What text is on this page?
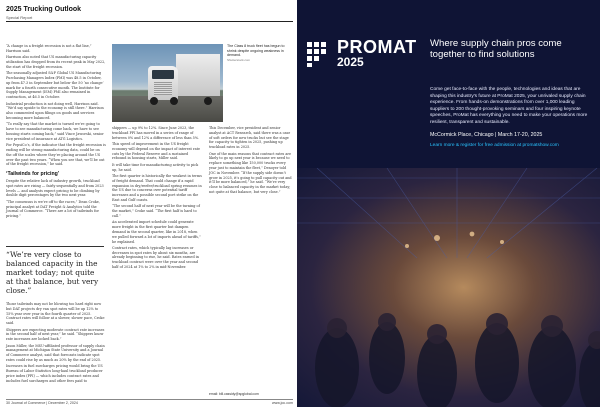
2025 Trucking Outlook
Special Report

“A change in a freight recession is not a flat line,” Harrison said.

Harrison also noted that US manufacturing capacity utilization has dropped from its recent peak in May 2022, the start of the freight recession.

The seasonally adjusted S&P Global US Manufacturing Purchasing Managers Index (PMI) was 48.5 in October, up from 47.3 in September but below the 50 ‘no change’ mark for a fourth consecutive month. The Institute for Supply Management (ISM) PMI also remained in contraction, at 46.5 in October.

Industrial production is not doing well, Harrison said. “We’d say upside to the economy is still there.” Harrison also commented upon filings on goods and services becoming more balanced.

“To really say that the market is turned we’re going to have to see manufacturing come back, we have to see housing starts coming back,” said Vince Jaworski, senior vice president of insurance at ATG Logistics.

For PepsiCo’s, if the indicator that the freight recession is ending will be strong manufacturing data, could be on the off the scales where they’re placing around the US over the past two years. “When you see that, we’ll be out of the freight recession,” he said.

‘Tailwinds for pricing’

Despite the relative lack of industry growth, truckload spot rates are rising — fairly sequentially and from 2023 levels — and analysts expect pricing to be climbing by double digit percentages by the two next year.

“The consensus is we’re off to the races,” Dean Croke, principal analyst at DAT Freight & Analytics told the Journal of Commerce. “There are a lot of tailwinds for pricing.”

“We’re very close to balanced capacity in the market today; not quite at that balance, but very close.”

Those tailwinds may not be blowing too hard right now but DAT projects dry van spot rates will be up 12% to 15% year over year in the fourth quarter of 2025. Contract rates will follow at a slower, slower pace, Croke said.

Shippers are expecting moderate contract rate increases in the second half of next year,” he said. “Shippers know rate increases are locked back.”

Jason Miller, the MSU-affiliated professor of supply chain management at Michigan State University and a Journal of Commerce analyst, said that forecasts indicate spot rates could rise by as much as 20% by the end of 2025.

Increases in fuel surcharges pricing would bring the US Bureau of Labor Statistics long-haul truckload producer price index (PPI) — which includes contract rates and includes fuel surcharges and other fees paid to

The Class 8 truck fleet has begun to shrink despite ongoing weakness in demand.
Shutterstock.com

shippers — up 9% to 12%. Since June 2023, the truckload PPI has moved in a series of range of between 0% and 12% a difference of less than 5%.

This speed of improvement in the US freight economy will depend on the impact of interest rate cuts by the Federal Reserve and a sustained rebound in housing starts, Miller said.

It will take time for manufacturing activity to pick up, he said.

The first quarter is historically the weakest in terms of freight demand. That could change if a rapid expansion in dry/reefer/truckload spring resumes in the US due to concerns over potential tariff increases and a possible second port strike on the East and Gulf coasts.

“The second half of next year will be the turning of the market,” Croke said. “The first half is hard to call.”

An accelerated import schedule could generate more freight in the first quarter but dampen demand in the second quarter, like in 2018, when we pulled forward a lot of imports ahead of tariffs,” he explained.

Contract rates, which typically lag increases or decreases in spot rates by about six months, are already beginning to rise, he said. Rates earned in truckload contract were over the year and second half of 2024 at 1% to 2% in mid-November.

This December, vice president and senior analyst at ACT Research, said there was a case of soft orders for new trucks but see the stage for capacity to tighten in 2025, pushing up truckload rates in 2025.

One of the main reasons that contract rates are likely to go up next year is because we need to replace something like 150,000 trucks every year just to maintain the fleet,” Denoyer told JOC in November. “If the supply side doesn’t grow in 2025, it’s going to pull capacity out and it’ll be more balanced,” he said. “We’re very close to balanced capacity in the market today; not quite at that balance, but very close.”

email: bill.cassidy@spglobal.com
30 Journal of Commerce | December 2, 2024	www.joc.com
PROMAT
2025

Where supply chain pros come together to find solutions

Come get face-to-face with the people, technologies and ideas that are shaping this industry's future at ProMat 2025, your unrivaled supply chain experience. From hands-on demonstrations from over 1,000 leading suppliers to 200 thought-provoking seminars and four inspiring keynote speeches, ProMat has everything you need to make your operations more resilient, transparent and sustainable.

McCormick Place, Chicago | March 17-20, 2025

Learn more & register for free admission at promatshow.com
